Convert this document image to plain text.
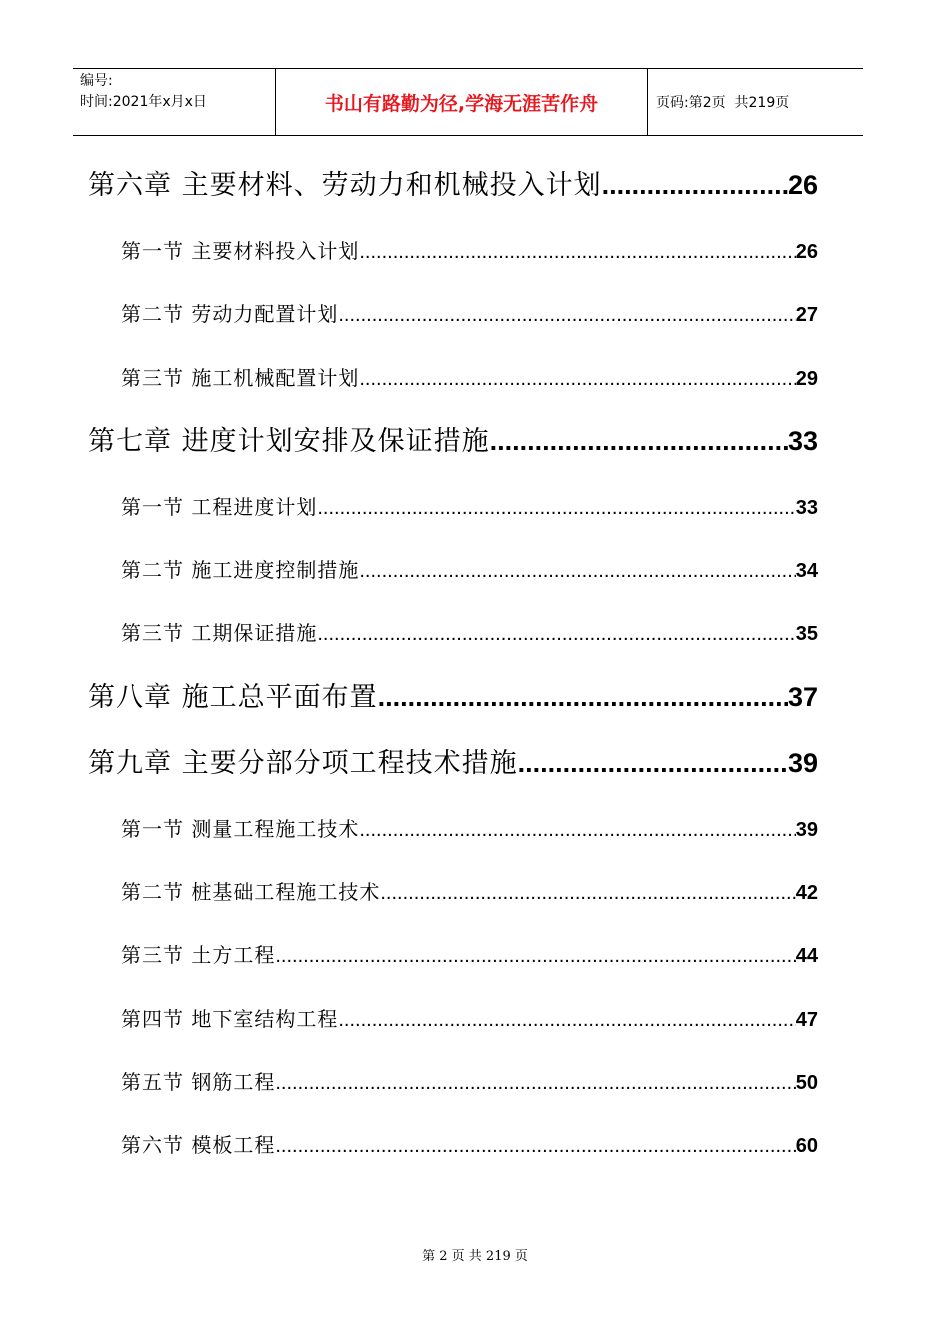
编号:
时间:2021年x月x日	书山有路勤为径,学海无涯苦作舟	页码:第2页  共219页
第六章 主要材料、劳动力和机械投入计划 .....	26
第一节 主要材料投入计划 .....	26
第二节 劳动力配置计划 .....	27
第三节 施工机械配置计划 .....	29
第七章 进度计划安排及保证措施 .....	33
第一节 工程进度计划 .....	33
第二节 施工进度控制措施 .....	34
第三节 工期保证措施 .....	35
第八章 施工总平面布置 .....	37
第九章 主要分部分项工程技术措施 .....	39
第一节 测量工程施工技术 .....	39
第二节 桩基础工程施工技术 .....	42
第三节 土方工程 .....	44
第四节 地下室结构工程 .....	47
第五节 钢筋工程 .....	50
第六节 模板工程 .....	60
第 2 页 共 219 页
